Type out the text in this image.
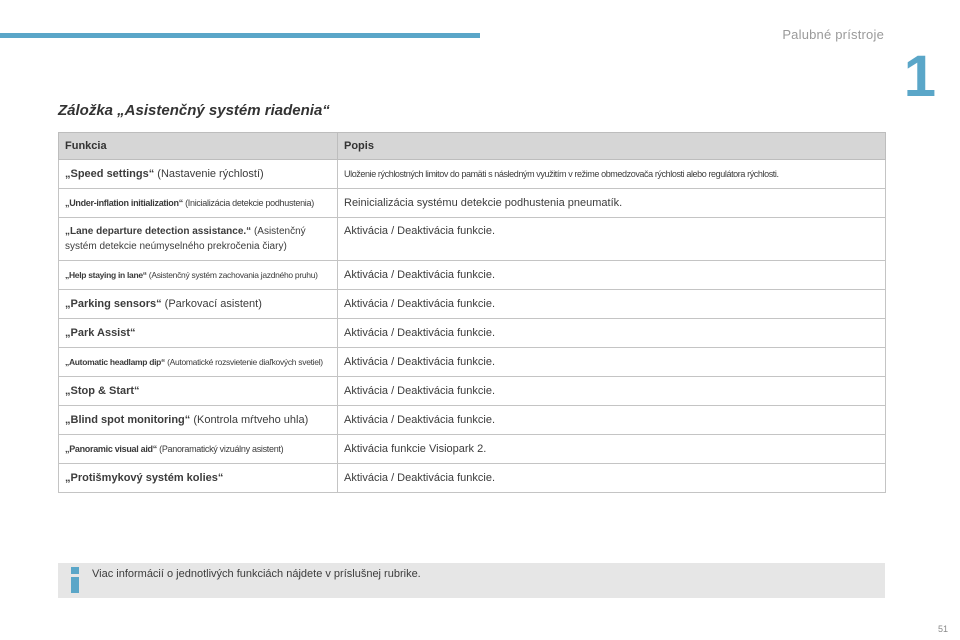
Palubné prístroje
1
Záložka „Asistenčný systém riadenia“
Funkcia	Popis
„Speed settings“ (Nastavenie rýchlostí)	Uloženie rýchlostných limitov do pamäti s následným využitím v režime obmedzovača rýchlosti alebo regulátora rýchlosti.
„Under-inflation initialization“ (Inicializácia detekcie podhustenia)	Reinicializácia systému detekcie podhustenia pneumatík.
„Lane departure detection assistance.“ (Asistenčný systém detekcie neúmyselného prekročenia čiary)	Aktivácia / Deaktivácia funkcie.
„Help staying in lane“ (Asistenčný systém zachovania jazdného pruhu)	Aktivácia / Deaktivácia funkcie.
„Parking sensors“ (Parkovací asistent)	Aktivácia / Deaktivácia funkcie.
„Park Assist“	Aktivácia / Deaktivácia funkcie.
„Automatic headlamp dip“ (Automatické rozsvietenie diaľkových svetiel)	Aktivácia / Deaktivácia funkcie.
„Stop & Start“	Aktivácia / Deaktivácia funkcie.
„Blind spot monitoring“ (Kontrola mŕtveho uhla)	Aktivácia / Deaktivácia funkcie.
„Panoramic visual aid“ (Panoramatický vizuálny asistent)	Aktivácia funkcie Visiopark 2.
„Protišmykový systém kolies“	Aktivácia / Deaktivácia funkcie.
Viac informácií o jednotlivých funkciách nájdete v príslušnej rubrike.
51
